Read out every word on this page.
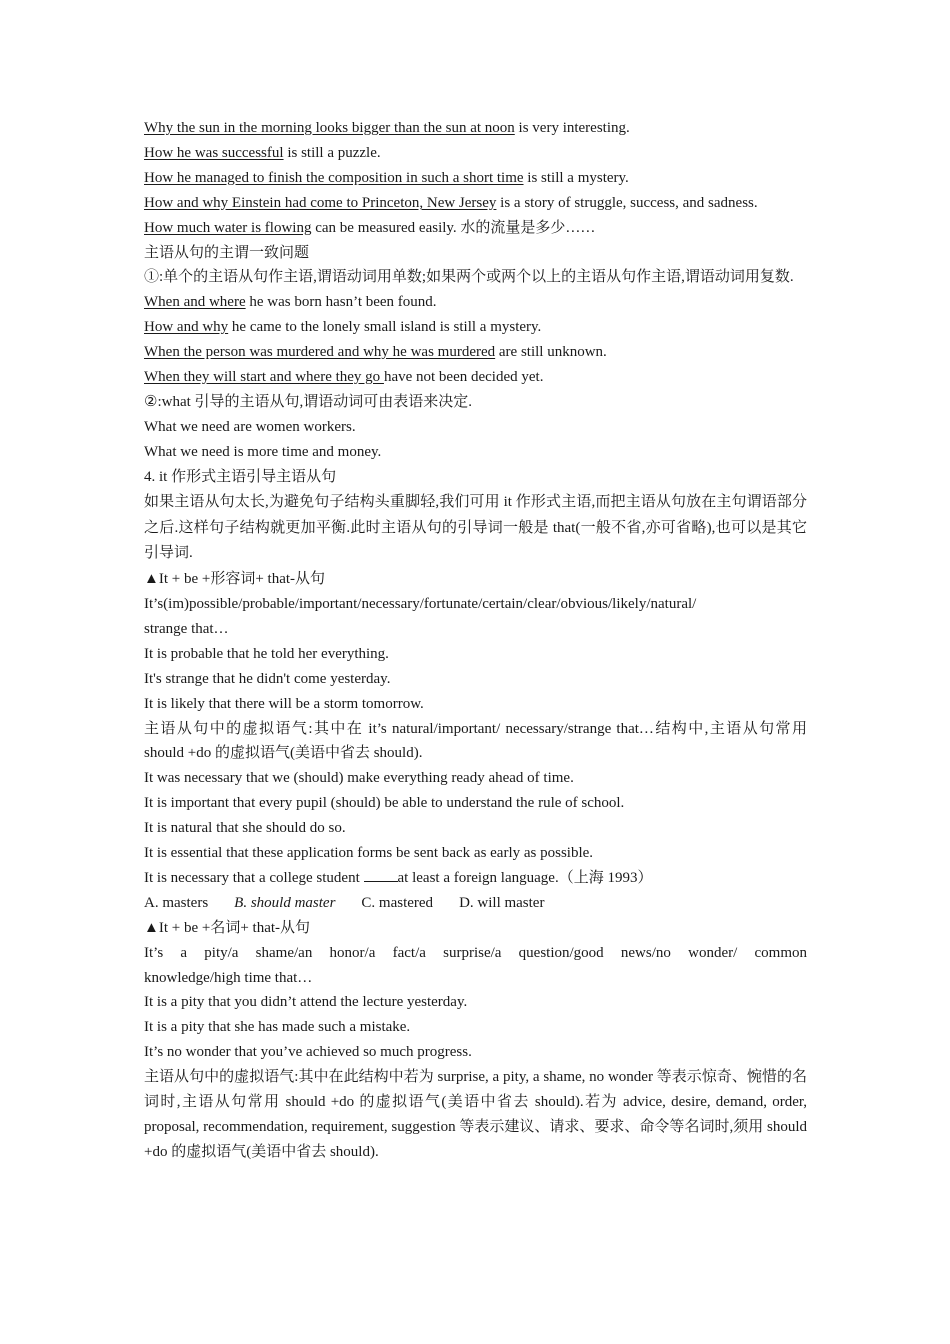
Why the sun in the morning looks bigger than the sun at noon is very interesting.
How he was successful is still a puzzle.
How he managed to finish the composition in such a short time is still a mystery.
How and why Einstein had come to Princeton, New Jersey is a story of struggle, success, and sadness.
How much water is flowing can be measured easily. 水的流量是多少……
主语从句的主谓一致问题
①:单个的主语从句作主语,谓语动词用单数;如果两个或两个以上的主语从句作主语,谓语动词用复数.
When and where he was born hasn’t been found.
How and why he came to the lonely small island is still a mystery.
When the person was murdered and why he was murdered are still unknown.
When they will start and where they go have not been decided yet.
②:what 引导的主语从句,谓语动词可由表语来决定.
What we need are women workers.
What we need is more time and money.
4. it 作形式主语引导主语从句
如果主语从句太长,为避免句子结构头重脚轻,我们可用 it 作形式主语,而把主语从句放在主句谓语部分之后.这样句子结构就更加平衡.此时主语从句的引导词一般是 that(一般不省,亦可省略),也可以是其它引导词.
▲It + be +形容词+ that-从句
It’s(im)possible/probable/important/necessary/fortunate/certain/clear/obvious/likely/natural/
strange that…
It is probable that he told her everything.
It's strange that he didn't come yesterday.
It is likely that there will be a storm tomorrow.
主语从句中的虚拟语气:其中在 it’s natural/important/ necessary/strange that…结构中,主语从句常用 should +do 的虚拟语气(美语中省去 should).
It was necessary that we (should) make everything ready ahead of time.
It is important that every pupil (should) be able to understand the rule of school.
It is natural that she should do so.
It is essential that these application forms be sent back as early as possible.
It is necessary that a college student at least a foreign language.（上海 1993）
A. masters B. should master C. mastered D. will master
▲It + be +名词+ that-从句
It’s a pity/a shame/an honor/a fact/a surprise/a question/good news/no wonder/ common
knowledge/high time that…
It is a pity that you didn’t attend the lecture yesterday.
It is a pity that she has made such a mistake.
It’s no wonder that you’ve achieved so much progress.
主语从句中的虚拟语气:其中在此结构中若为 surprise, a pity, a shame, no wonder 等表示惊奇、惋惜的名词时,主语从句常用 should +do 的虚拟语气(美语中省去 should).若为 advice, desire, demand, order, proposal, recommendation, requirement, suggestion 等表示建议、请求、要求、命令等名词时,须用 should +do 的虚拟语气(美语中省去 should).
